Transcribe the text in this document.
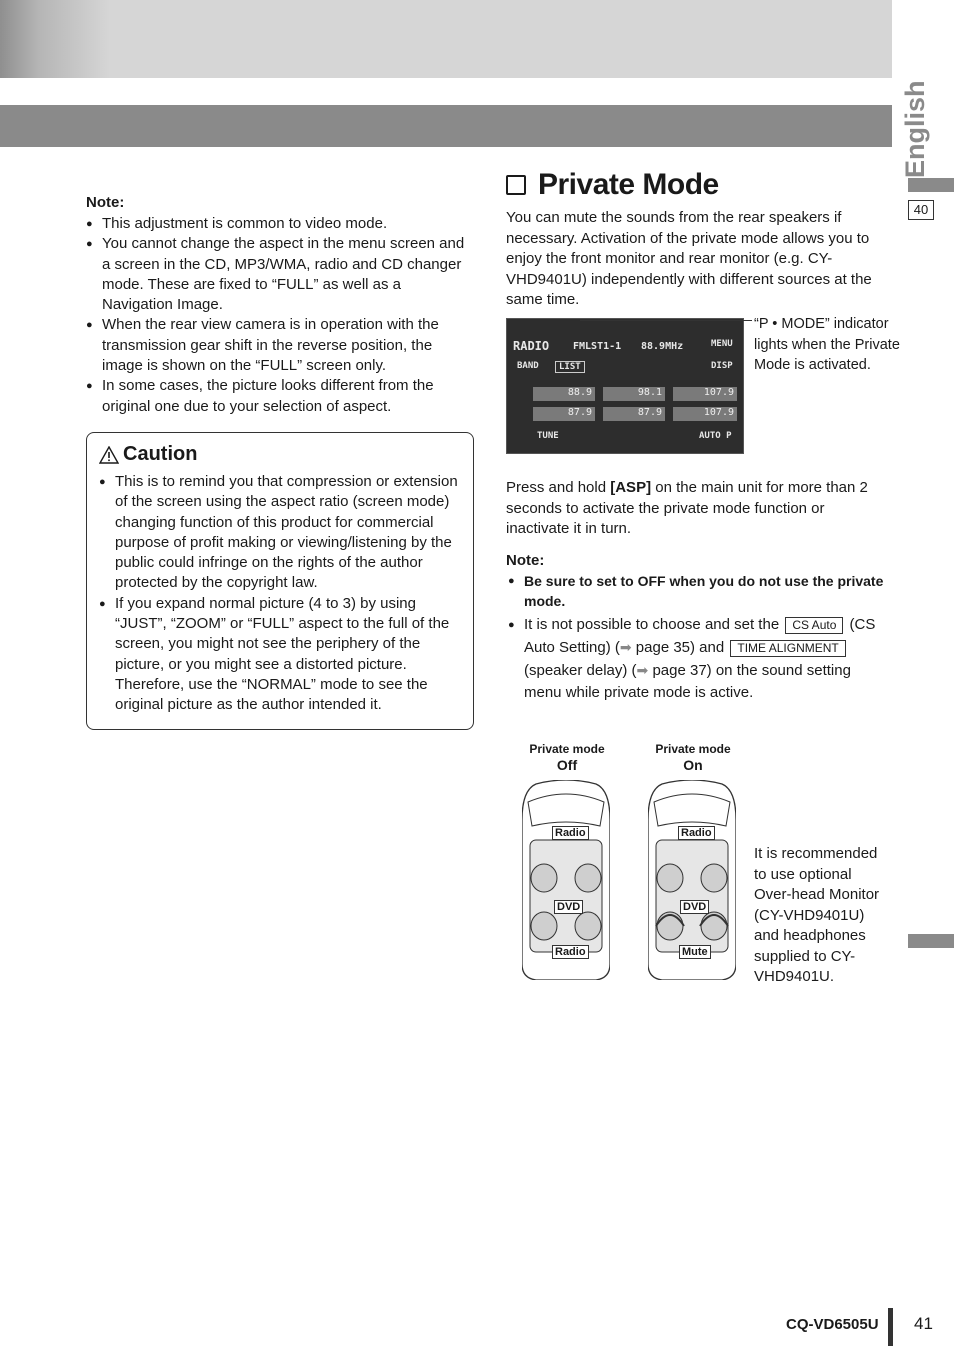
English
40
Note:
● This adjustment is common to video mode.
● You cannot change the aspect in the menu screen and a screen in the CD, MP3/WMA, radio and CD changer mode. These are fixed to “FULL” as well as a Navigation Image.
● When the rear view camera is in operation with the transmission gear shift in the reverse position, the image is shown on the “FULL” screen only.
● In some cases, the picture looks different from the original one due to your selection of aspect.
Caution
● This is to remind you that compression or extension of the screen using the aspect ratio (screen mode) changing function of this product for commercial purpose of profit making or viewing/listening by the public could infringe on the rights of the author protected by the copyright law.
● If you expand normal picture (4 to 3) by using “JUST”, “ZOOM” or “FULL” aspect to the full of the screen, you might not see the periphery of the picture, or you might see a distorted picture. Therefore, use the “NORMAL” mode to see the original picture as the author intended it.
Private Mode

You can mute the sounds from the rear speakers if necessary. Activation of the private mode allows you to enjoy the front monitor and rear monitor (e.g. CY-VHD9401U) independently with different sources at the same time.

RADIO FMLST1-1 88.9MHz	MENU
BAND	LIST	DISP
88.9	98.1	107.9
87.9	87.9	107.9
TUNE	AUTO P

“P • MODE” indicator lights when the Private Mode is activated.

Press and hold [ASP] on the main unit for more than 2 seconds to activate the private mode function or inactivate it in turn.

Note:
● Be sure to set to OFF when you do not use the private mode.
● It is not possible to choose and set the CS Auto (CS Auto Setting) (➡ page 35) and TIME ALIGNMENT (speaker delay) (➡ page 37) on the sound setting menu while private mode is active.
Private mode
Off
Private mode
On
Radio
DVD
Radio
Radio
DVD
Mute

It is recommended to use optional Over-head Monitor (CY-VHD9401U) and headphones supplied to CY-VHD9401U.

CQ-VD6505U 41
